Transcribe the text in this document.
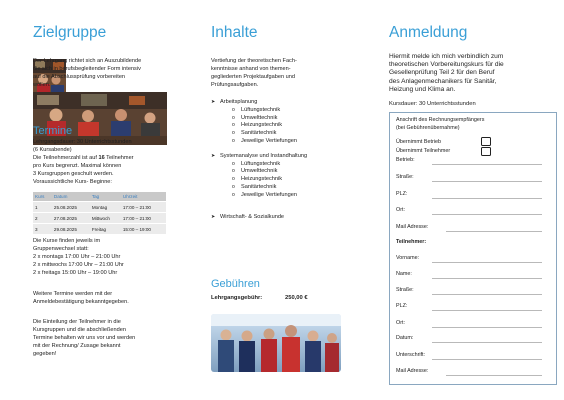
Zielgruppe

Der Lehrgang richtet sich an Auszubildende
die sich in berufsbegleitender Form intensiv
auf die Abschlussprüfung vorbereiten
wollen.

Termine

Lehrgangsdauer: 30 Unterrichtsstunden
(6 Kursabende)
Die Teilnehmerzahl ist auf 16 Teilnehmer
pro Kurs begrenzt. Maximal können
3 Kursgruppen geschult werden.
Voraussichtliche Kurs- Beginne:

Kurs	Datum	Tag	Uhrzeit
1	25.08.2025	Montag	17:00 – 21:00
2	27.08.2025	Mittwoch	17:00 – 21:00
3	29.08.2025	Freitag	15:00 – 19:00

Die Kurse finden jeweils im
Gruppenwechsel statt:
2 x montags 17:00 Uhr – 21:00 Uhr
2 x mittwochs 17:00 Uhr – 21:00 Uhr
2 x freitags 15:00 Uhr – 19:00 Uhr

Weitere Termine werden mit der
Anmeldebestätigung bekanntgegeben.

Die Einteilung der Teilnehmer in die
Kursgruppen und die abschließenden
Termine behalten wir uns vor und werden
mit der Rechnung/ Zusage bekannt
gegeben!

Inhalte

Vertiefung der theoretischen Fach-
kenntnisse anhand von themen-
gegliederten Projektaufgaben und
Prüfungsaufgaben.

➤ Arbeitsplanung
o Lüftungstechnik
o Umwelttechnik
o Heizungstechnik
o Sanitärtechnik
o Jeweilige Vertiefungen
➤ Systemanalyse und Instandhaltung
o Lüftungstechnik
o Umwelttechnik
o Heizungstechnik
o Sanitärtechnik
o Jeweilige Vertiefungen
➤ Wirtschaft- & Sozialkunde
Gebühren
Lehrgangsgebühr:	250,00 €
Anmeldung

Hiermit melde ich mich verbindlich zum
theoretischen Vorbereitungskurs für die
Gesellenprüfung Teil 2 für den Beruf
des Anlagenmechanikers für Sanitär,
Heizung und Klima an.

Kursdauer: 30 Unterrichtsstunden

Anschrift des Rechnungsempfängers
(bei Gebührenübernahme)
Übernimmt Betrieb
Übernimmt Teilnehmer
Betrieb:
Straße:
PLZ:
Ort:
Mail Adresse:
Teilnehmer:
Vorname:
Name:
Straße:
PLZ:
Ort:
Datum:
Unterschrift:
Mail Adresse:
